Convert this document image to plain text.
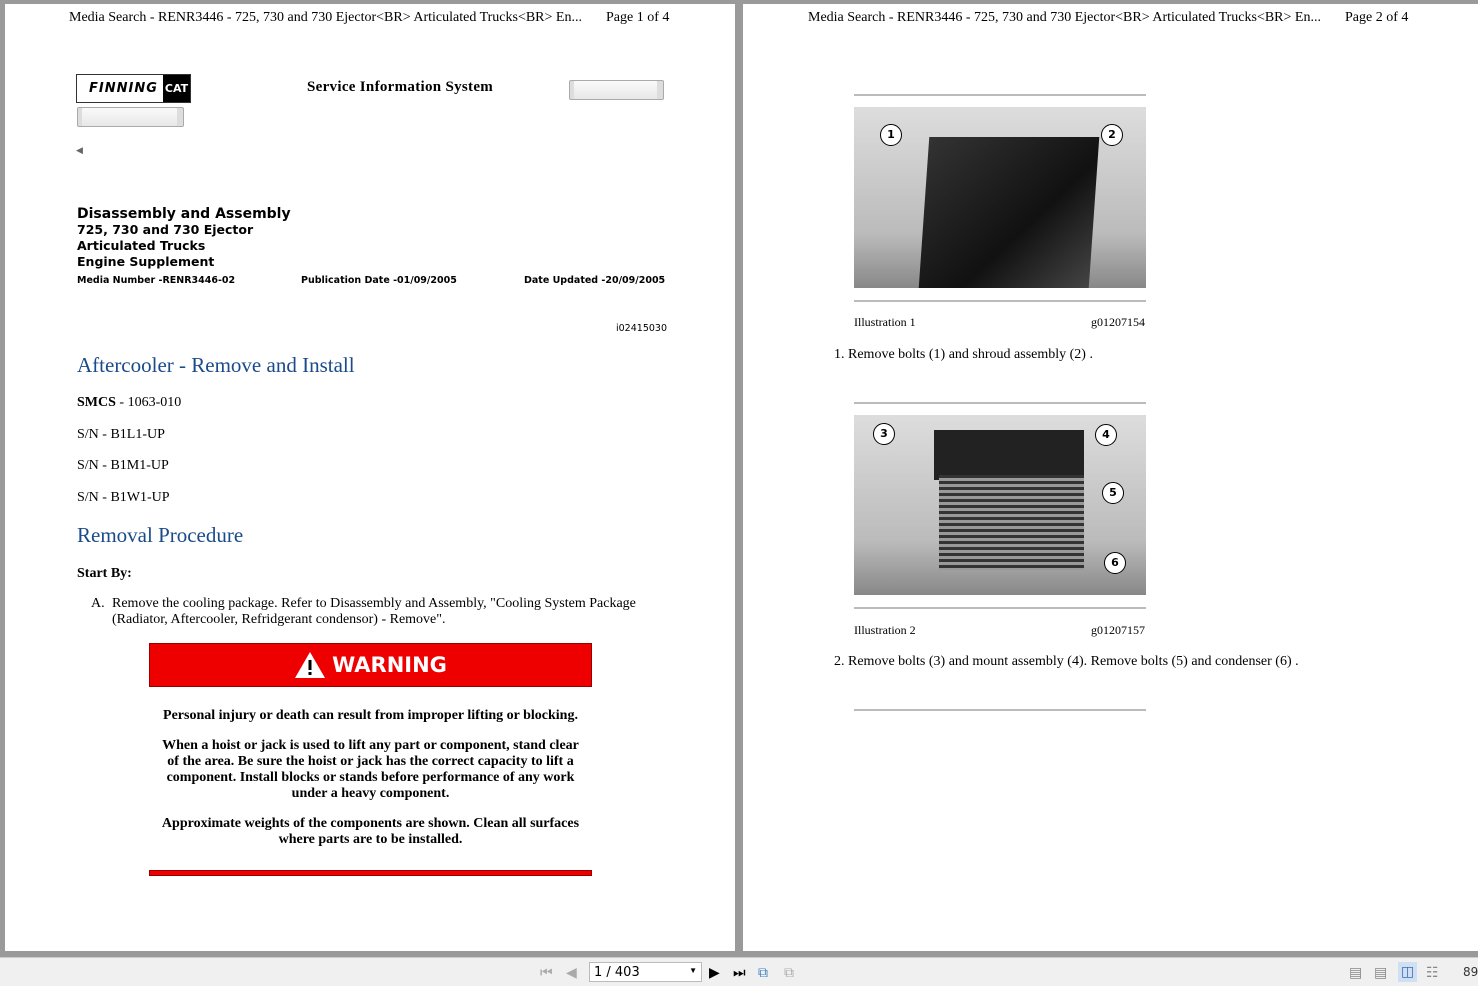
Media Search - RENR3446 - 725, 730 and 730 Ejector<BR> Articulated Trucks<BR> En... Page 1 of 4
FINNING CAT	Service Information System
◀
Disassembly and Assembly
725, 730 and 730 Ejector
Articulated Trucks
Engine Supplement
Media Number -RENR3446-02	Publication Date -01/09/2005	Date Updated -20/09/2005
i02415030
Aftercooler - Remove and Install
SMCS - 1063-010
S/N - B1L1-UP
S/N - B1M1-UP
S/N - B1W1-UP
Removal Procedure
Start By:
A. Remove the cooling package. Refer to Disassembly and Assembly, "Cooling System Package (Radiator, Aftercooler, Refridgerant condensor) - Remove".
WARNING
Personal injury or death can result from improper lifting or blocking.
When a hoist or jack is used to lift any part or component, stand clear of the area. Be sure the hoist or jack has the correct capacity to lift a component. Install blocks or stands before performance of any work under a heavy component.
Approximate weights of the components are shown. Clean all surfaces where parts are to be installed.
Media Search - RENR3446 - 725, 730 and 730 Ejector<BR> Articulated Trucks<BR> En... Page 2 of 4
1	2
Illustration 1	g01207154
1. Remove bolts (1) and shroud assembly (2) .
3	4
5
6
Illustration 2	g01207157
2. Remove bolts (3) and mount assembly (4). Remove bolts (5) and condenser (6) .
⏮ ◀ 1 / 403	▼ ▶ ⏭ ⧉ ⧉	▤ ▤ ◫ ☷ 89
